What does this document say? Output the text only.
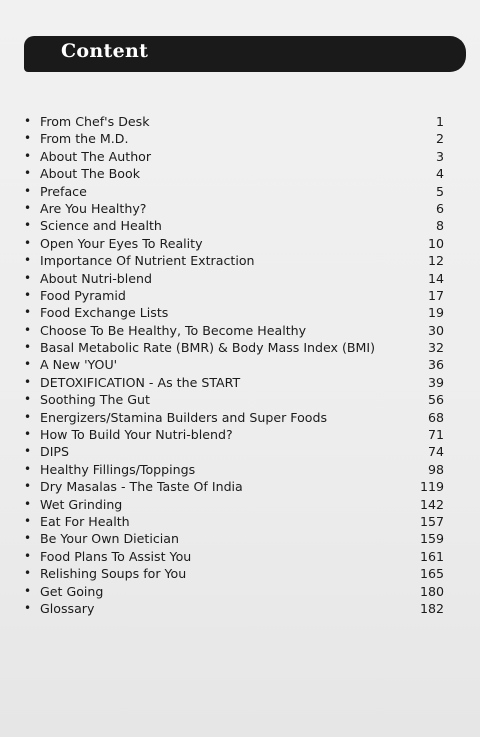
Content
• From Chef's Desk	1
• From the M.D.	2
• About The Author	3
• About The Book	4
• Preface	5
• Are You Healthy?	6
• Science and Health	8
• Open Your Eyes To Reality	10
• Importance Of Nutrient Extraction	12
• About Nutri-blend	14
• Food Pyramid	17
• Food Exchange Lists	19
• Choose To Be Healthy, To Become Healthy	30
• Basal Metabolic Rate (BMR) & Body Mass Index (BMI)	32
• A New 'YOU'	36
• DETOXIFICATION - As the START	39
• Soothing The Gut	56
• Energizers/Stamina Builders and Super Foods	68
• How To Build Your Nutri-blend?	71
• DIPS	74
• Healthy Fillings/Toppings	98
• Dry Masalas - The Taste Of India	119
• Wet Grinding	142
• Eat For Health	157
• Be Your Own Dietician	159
• Food Plans To Assist You	161
• Relishing Soups for You	165
• Get Going	180
• Glossary	182
